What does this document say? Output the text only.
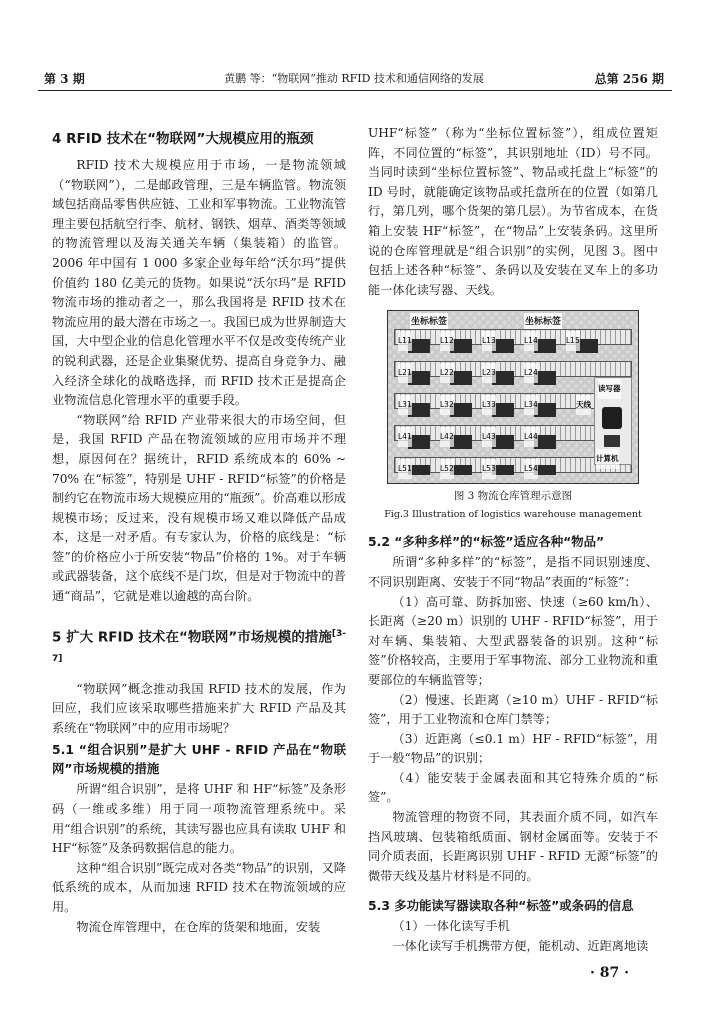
第 3 期	黄鹏 等：“物联网”推动 RFID 技术和通信网络的发展	总第 256 期
4 RFID 技术在“物联网”大规模应用的瓶颈

RFID 技术大规模应用于市场，一是物流领域（“物联网”），二是邮政管理，三是车辆监管。物流领域包括商品零售供应链、工业和军事物流。工业物流管理主要包括航空行李、航材、钢铁、烟草、酒类等领域的物流管理以及海关通关车辆（集装箱）的监管。2006 年中国有 1 000 多家企业每年给“沃尔玛”提供价值约 180 亿美元的货物。如果说“沃尔玛”是 RFID 物流市场的推动者之一，那么我国将是 RFID 技术在物流应用的最大潜在市场之一。我国已成为世界制造大国，大中型企业的信息化管理水平不仅是改变传统产业的锐利武器，还是企业集聚优势、提高自身竞争力、融入经济全球化的战略选择，而 RFID 技术正是提高企业物流信息化管理水平的重要手段。

“物联网”给 RFID 产业带来很大的市场空间，但是，我国 RFID 产品在物流领域的应用市场并不理想，原因何在？据统计，RFID 系统成本的 60% ~ 70% 在“标签”，特别是 UHF - RFID“标签”的价格是制约它在物流市场大规模应用的“瓶颈”。价高难以形成规模市场；反过来，没有规模市场又难以降低产品成本，这是一对矛盾。有专家认为，价格的底线是：“标签”的价格应小于所安装“物品”价格的 1%。对于车辆或武器装备，这个底线不是门坎，但是对于物流中的普通“商品”，它就是难以逾越的高台阶。

5 扩大 RFID 技术在“物联网”市场规模的措施[3-7]

“物联网”概念推动我国 RFID 技术的发展，作为回应，我们应该采取哪些措施来扩大 RFID 产品及其系统在“物联网”中的应用市场呢？

5.1 “组合识别”是扩大 UHF - RFID 产品在“物联网”市场规模的措施

所谓“组合识别”，是将 UHF 和 HF“标签”及条形码（一维或多维）用于同一项物流管理系统中。采用“组合识别”的系统，其读写器也应具有读取 UHF 和 HF“标签”及条码数据信息的能力。

这种“组合识别”既完成对各类“物品”的识别，又降低系统的成本，从而加速 RFID 技术在物流领域的应用。

物流仓库管理中，在仓库的货架和地面，安装

UHF“标签”（称为“坐标位置标签”），组成位置矩阵，不同位置的“标签”，其识别地址（ID）号不同。当同时读到“坐标位置标签”、物品或托盘上“标签”的 ID 号时，就能确定该物品或托盘所在的位置（如第几行，第几列，哪个货架的第几层）。为节省成本，在货箱上安装 HF“标签”，在“物品”上安装条码。这里所说的仓库管理就是“组合识别”的实例，见图 3。图中包括上述各种“标签”、条码以及安装在叉车上的多功能一体化读写器、天线。

坐标标签	坐标标签
L11	L12	L13	L14	L15
L21	L22	L23	L24
L31	L32	L33	L34
L41	L42	L43	L44
L51	L52	L53	L54
读写器
天线
计算机
图 3 物流仓库管理示意图
Fig.3 Illustration of logistics warehouse management
5.2 “多种多样”的“标签”适应各种“物品”

所谓“多种多样”的“标签”，是指不同识别速度、不同识别距离、安装于不同“物品”表面的“标签”：

（1）高可靠、防拆加密、快速（≥60 km/h）、长距离（≥20 m）识别的 UHF - RFID“标签”，用于对车辆、集装箱、大型武器装备的识别。这种“标签”价格较高，主要用于军事物流、部分工业物流和重要部位的车辆监管等；

（2）慢速、长距离（≥10 m）UHF - RFID“标签”，用于工业物流和仓库门禁等；

（3）近距离（≤0.1 m）HF - RFID“标签”，用于一般“物品”的识别；

（4）能安装于金属表面和其它特殊介质的“标签”。

物流管理的物资不同，其表面介质不同，如汽车挡风玻璃、包装箱纸质面、钢材金属面等。安装于不同介质表面，长距离识别 UHF - RFID 无源“标签”的微带天线及基片材料是不同的。

5.3 多功能读写器读取各种“标签”或条码的信息

（1）一体化读写手机

一体化读写手机携带方便，能机动、近距离地读

· 87 ·
